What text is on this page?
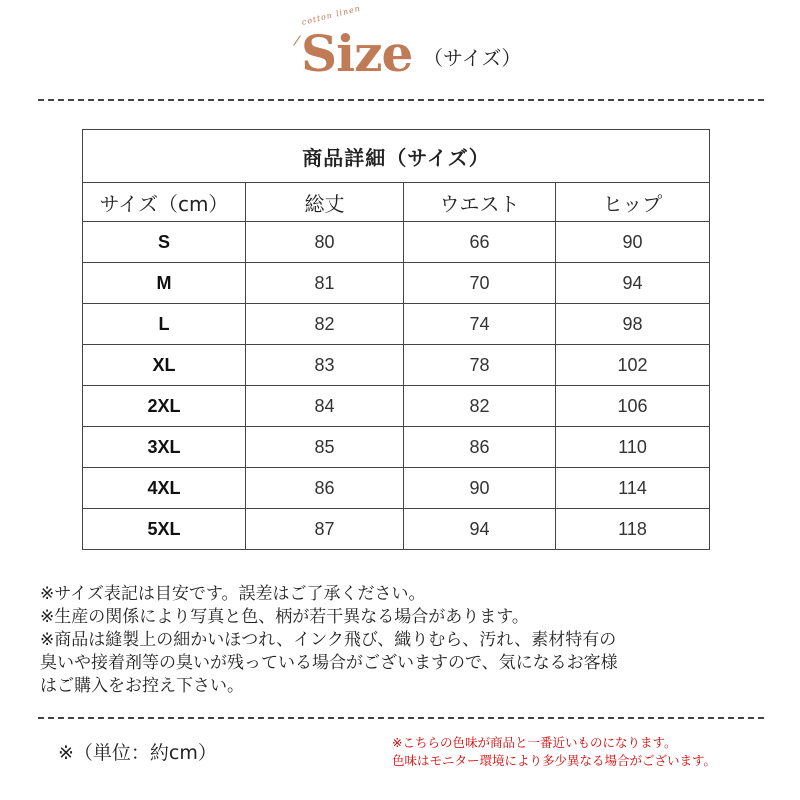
cotton linen
Size （サイズ）
商品詳細（サイズ）			
サイズ（cm）	総丈	ウエスト	ヒップ
S	80	66	90
M	81	70	94
L	82	74	98
XL	83	78	102
2XL	84	82	106
3XL	85	86	110
4XL	86	90	114
5XL	87	94	118
※サイズ表記は目安です。誤差はご了承ください。
※生産の関係により写真と色、柄が若干異なる場合があります。
※商品は縫製上の細かいほつれ、インク飛び、織りむら、汚れ、素材特有の
臭いや接着剤等の臭いが残っている場合がございますので、気になるお客様
はご購入をお控え下さい。
※（単位：約cm）	※こちらの色味が商品と一番近いものになります。
色味はモニター環境により多少異なる場合がございます。
